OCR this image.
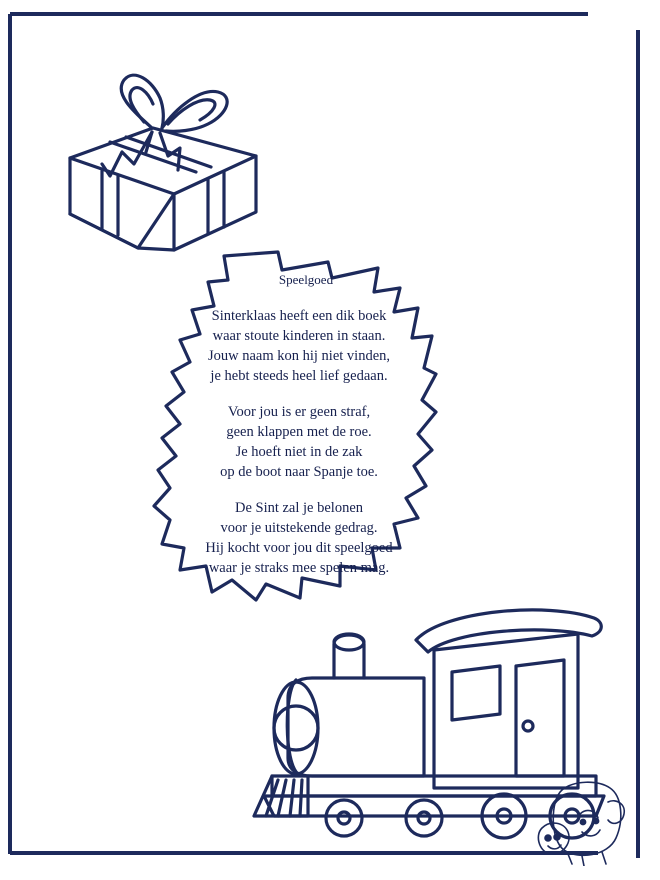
Speelgoed
Sinterklaas heeft een dik boek
waar stoute kinderen in staan.
Jouw naam kon hij niet vinden,
je hebt steeds heel lief gedaan.
Voor jou is er geen straf,
geen klappen met de roe.
Je hoeft niet in de zak
op de boot naar Spanje toe.
De Sint zal je belonen
voor je uitstekende gedrag.
Hij kocht voor jou dit speelgoed
waar je straks mee spelen mag.
